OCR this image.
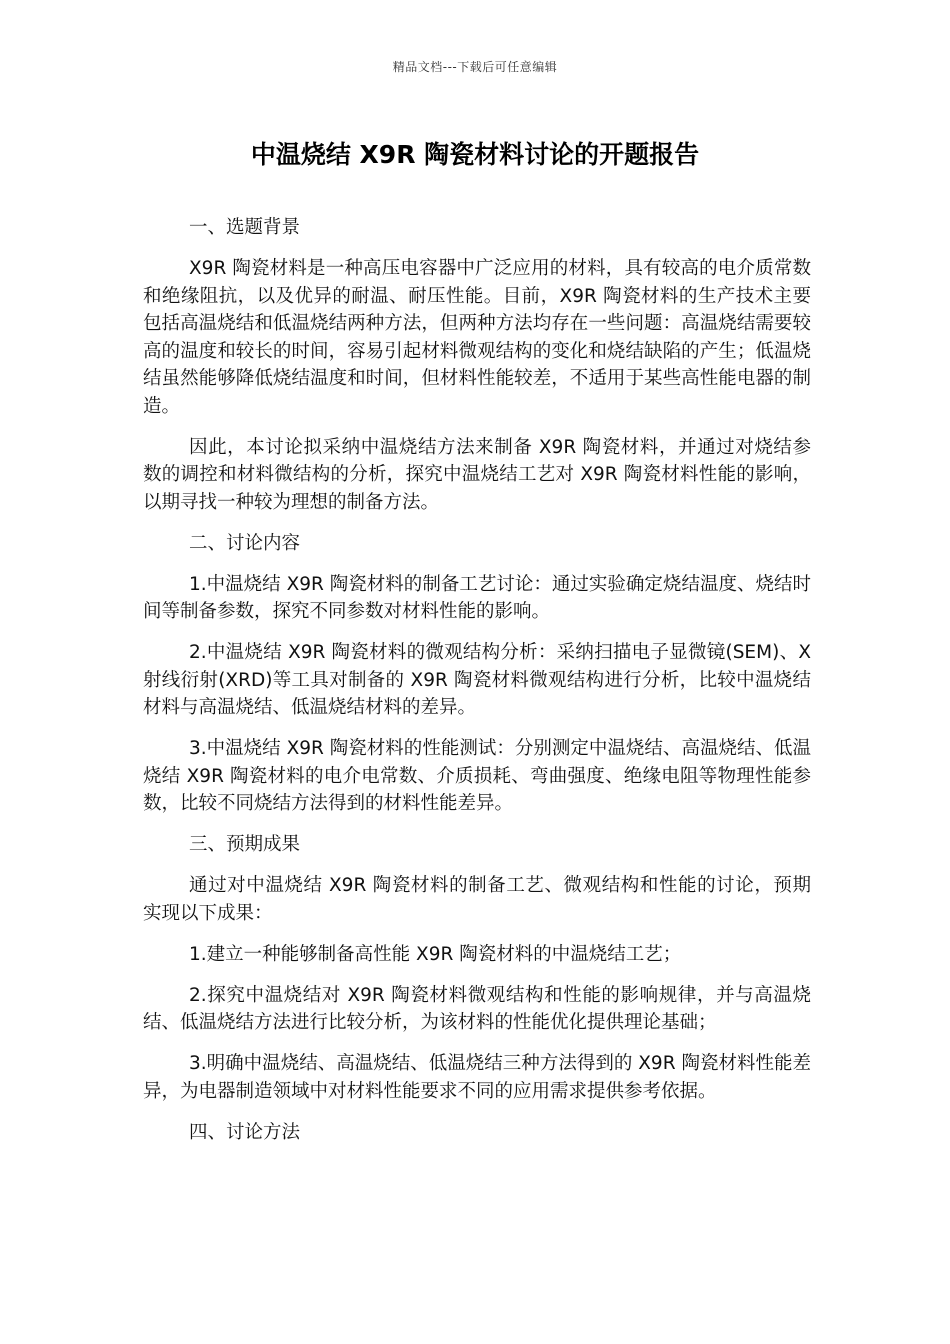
精品文档---下载后可任意编辑
中温烧结 X9R 陶瓷材料讨论的开题报告

一、选题背景

X9R 陶瓷材料是一种高压电容器中广泛应用的材料，具有较高的电介质常数和绝缘阻抗，以及优异的耐温、耐压性能。目前，X9R 陶瓷材料的生产技术主要包括高温烧结和低温烧结两种方法，但两种方法均存在一些问题：高温烧结需要较高的温度和较长的时间，容易引起材料微观结构的变化和烧结缺陷的产生；低温烧结虽然能够降低烧结温度和时间，但材料性能较差，不适用于某些高性能电器的制造。

因此，本讨论拟采纳中温烧结方法来制备 X9R 陶瓷材料，并通过对烧结参数的调控和材料微结构的分析，探究中温烧结工艺对 X9R 陶瓷材料性能的影响，以期寻找一种较为理想的制备方法。

二、讨论内容

1.中温烧结 X9R 陶瓷材料的制备工艺讨论：通过实验确定烧结温度、烧结时间等制备参数，探究不同参数对材料性能的影响。

2.中温烧结 X9R 陶瓷材料的微观结构分析：采纳扫描电子显微镜(SEM)、X 射线衍射(XRD)等工具对制备的 X9R 陶瓷材料微观结构进行分析，比较中温烧结材料与高温烧结、低温烧结材料的差异。

3.中温烧结 X9R 陶瓷材料的性能测试：分别测定中温烧结、高温烧结、低温烧结 X9R 陶瓷材料的电介电常数、介质损耗、弯曲强度、绝缘电阻等物理性能参数，比较不同烧结方法得到的材料性能差异。

三、预期成果

通过对中温烧结 X9R 陶瓷材料的制备工艺、微观结构和性能的讨论，预期实现以下成果：

1.建立一种能够制备高性能 X9R 陶瓷材料的中温烧结工艺；

2.探究中温烧结对 X9R 陶瓷材料微观结构和性能的影响规律，并与高温烧结、低温烧结方法进行比较分析，为该材料的性能优化提供理论基础；

3.明确中温烧结、高温烧结、低温烧结三种方法得到的 X9R 陶瓷材料性能差异，为电器制造领域中对材料性能要求不同的应用需求提供参考依据。

四、讨论方法
